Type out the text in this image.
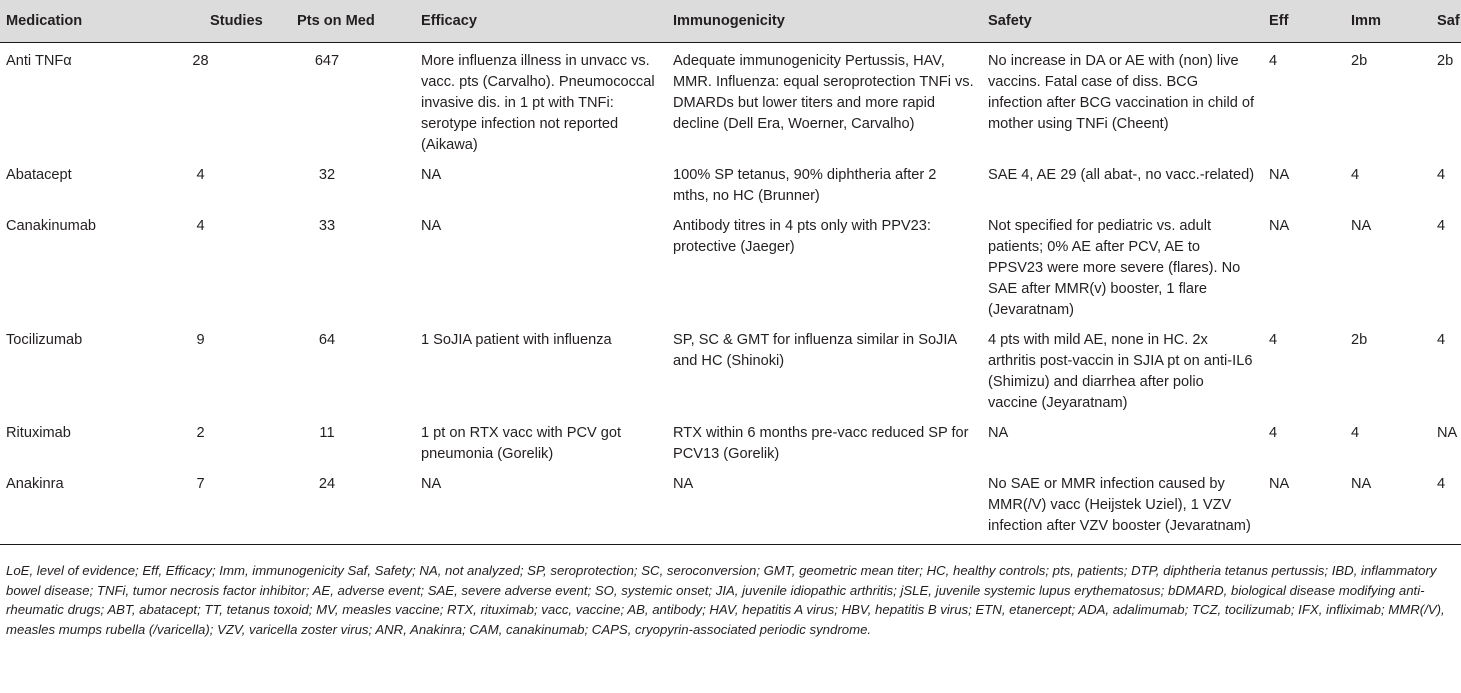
Medication	Studies	Pts on Med	Efficacy	Immunogenicity	Safety	Eff	Imm	Saf
Anti TNFα	28	647	More influenza illness in unvacc vs. vacc. pts (Carvalho). Pneumococcal invasive dis. in 1 pt with TNFi: serotype infection not reported (Aikawa)	Adequate immunogenicity Pertussis, HAV, MMR. Influenza: equal seroprotection TNFi vs. DMARDs but lower titers and more rapid decline (Dell Era, Woerner, Carvalho)	No increase in DA or AE with (non) live vaccins. Fatal case of diss. BCG infection after BCG vaccination in child of mother using TNFi (Cheent)	4	2b	2b
Abatacept	4	32	NA	100% SP tetanus, 90% diphtheria after 2 mths, no HC (Brunner)	SAE 4, AE 29 (all abat-, no vacc.-related)	NA	4	4
Canakinumab	4	33	NA	Antibody titres in 4 pts only with PPV23: protective (Jaeger)	Not specified for pediatric vs. adult patients; 0% AE after PCV, AE to PPSV23 were more severe (flares). No SAE after MMR(v) booster, 1 flare (Jevaratnam)	NA	NA	4
Tocilizumab	9	64	1 SoJIA patient with influenza	SP, SC & GMT for influenza similar in SoJIA and HC (Shinoki)	4 pts with mild AE, none in HC. 2x arthritis post-vaccin in SJIA pt on anti-IL6 (Shimizu) and diarrhea after polio vaccine (Jeyaratnam)	4	2b	4
Rituximab	2	11	1 pt on RTX vacc with PCV got pneumonia (Gorelik)	RTX within 6 months pre-vacc reduced SP for PCV13 (Gorelik)	NA	4	4	NA
Anakinra	7	24	NA	NA	No SAE or MMR infection caused by MMR(/V) vacc (Heijstek Uziel), 1 VZV infection after VZV booster (Jevaratnam)	NA	NA	4
LoE, level of evidence; Eff, Efficacy; Imm, immunogenicity Saf, Safety; NA, not analyzed; SP, seroprotection; SC, seroconversion; GMT, geometric mean titer; HC, healthy controls; pts, patients; DTP, diphtheria tetanus pertussis; IBD, inflammatory bowel disease; TNFi, tumor necrosis factor inhibitor; AE, adverse event; SAE, severe adverse event; SO, systemic onset; JIA, juvenile idiopathic arthritis; jSLE, juvenile systemic lupus erythematosus; bDMARD, biological disease modifying anti-rheumatic drugs; ABT, abatacept; TT, tetanus toxoid; MV, measles vaccine; RTX, rituximab; vacc, vaccine; AB, antibody; HAV, hepatitis A virus; HBV, hepatitis B virus; ETN, etanercept; ADA, adalimumab; TCZ, tocilizumab; IFX, infliximab; MMR(/V), measles mumps rubella (/varicella); VZV, varicella zoster virus; ANR, Anakinra; CAM, canakinumab; CAPS, cryopyrin-associated periodic syndrome.
